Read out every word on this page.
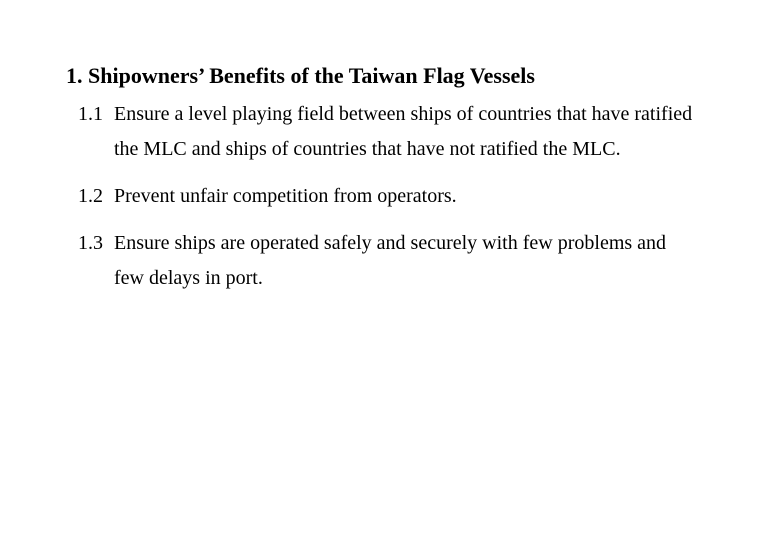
1. Shipowners’ Benefits of the Taiwan Flag Vessels
1.1 Ensure a level playing field between ships of countries that have ratified the MLC and ships of countries that have not ratified the MLC.
1.2 Prevent unfair competition from operators.
1.3 Ensure ships are operated safely and securely with few problems and few delays in port.
